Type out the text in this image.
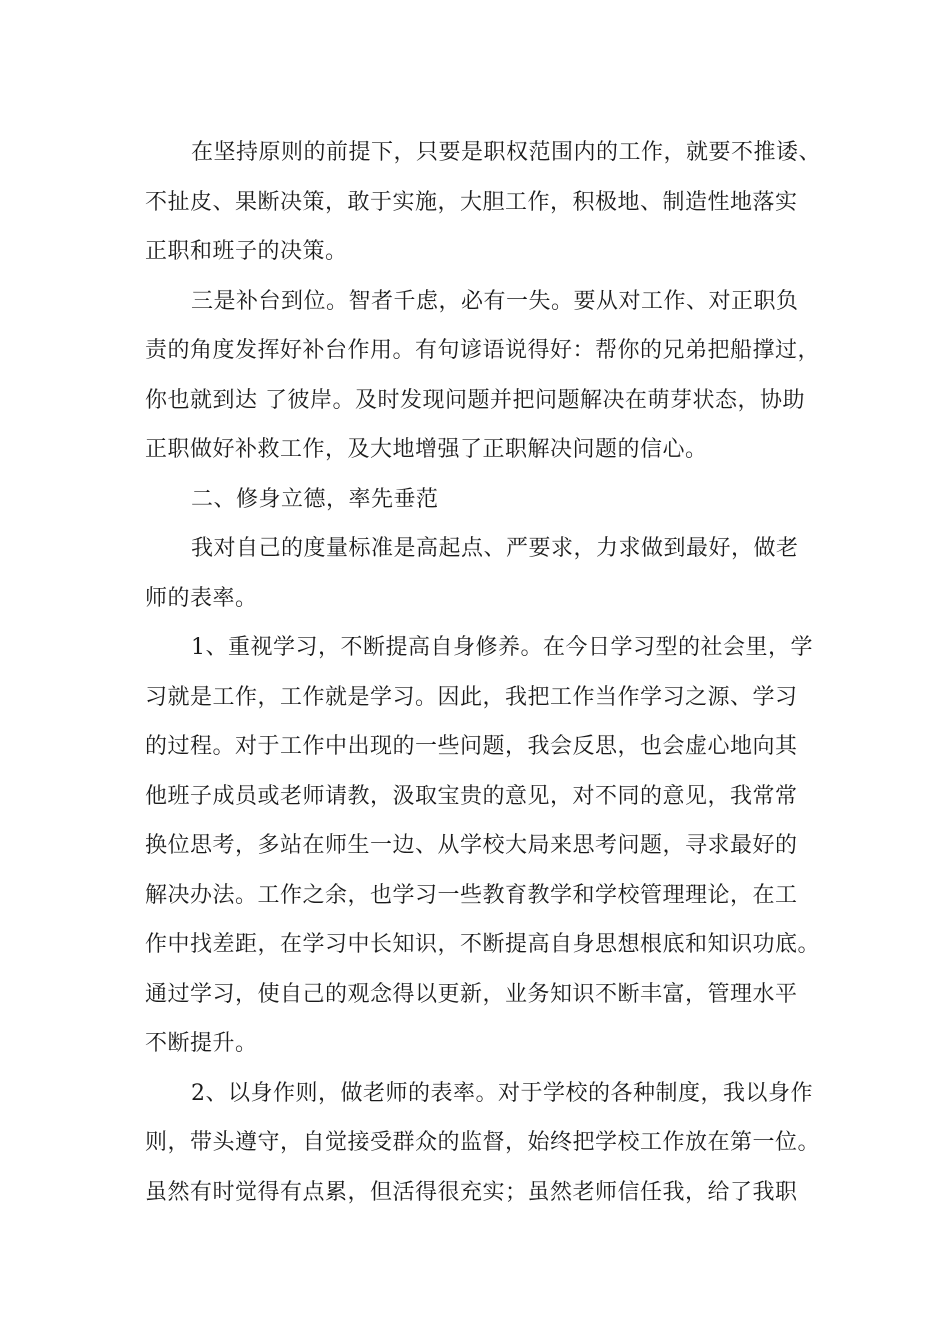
在坚持原则的前提下，只要是职权范围内的工作，就要不推诿、
不扯皮、果断决策，敢于实施，大胆工作，积极地、制造性地落实
正职和班子的决策。

三是补台到位。智者千虑，必有一失。要从对工作、对正职负
责的角度发挥好补台作用。有句谚语说得好：帮你的兄弟把船撑过，
你也就到达 了彼岸。及时发现问题并把问题解决在萌芽状态，协助
正职做好补救工作，及大地增强了正职解决问题的信心。

二、修身立德，率先垂范

我对自己的度量标准是高起点、严要求，力求做到最好，做老
师的表率。

1、重视学习，不断提高自身修养。在今日学习型的社会里，学
习就是工作，工作就是学习。因此，我把工作当作学习之源、学习
的过程。对于工作中出现的一些问题，我会反思，也会虚心地向其
他班子成员或老师请教，汲取宝贵的意见，对不同的意见，我常常
换位思考，多站在师生一边、从学校大局来思考问题，寻求最好的
解决办法。工作之余，也学习一些教育教学和学校管理理论，在工
作中找差距，在学习中长知识，不断提高自身思想根底和知识功底。
通过学习，使自己的观念得以更新，业务知识不断丰富，管理水平
不断提升。

2、以身作则，做老师的表率。对于学校的各种制度，我以身作
则，带头遵守，自觉接受群众的监督，始终把学校工作放在第一位。
虽然有时觉得有点累，但活得很充实；虽然老师信任我，给了我职
